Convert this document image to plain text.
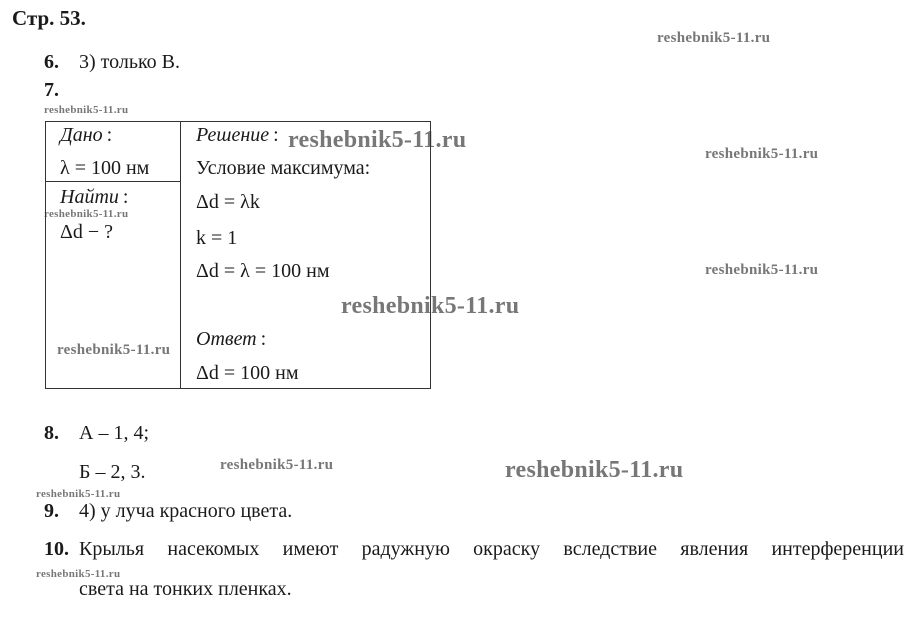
Стр. 53.
reshebnik5-11.ru
reshebnik5-11.ru
reshebnik5-11.ru
reshebnik5-11.ru
reshebnik5-11.ru
reshebnik5-11.ru
reshebnik5-11.ru
reshebnik5-11.ru
reshebnik5-11.ru	reshebnik5-11.ru
reshebnik5-11.ru
reshebnik5-11.ru
6. 3) только В.
7.
Дано :
λ = 100 нм
Найти :
Δd − ?
Решение :
Условие максимума:
Δd = λk
k = 1
Δd = λ = 100 нм
Ответ :
Δd = 100 нм
8. А – 1, 4;
Б – 2, 3.
9. 4) у луча красного цвета.
10. Крылья насекомых имеют радужную окраску вследствие явления интерференции
света на тонких пленках.
